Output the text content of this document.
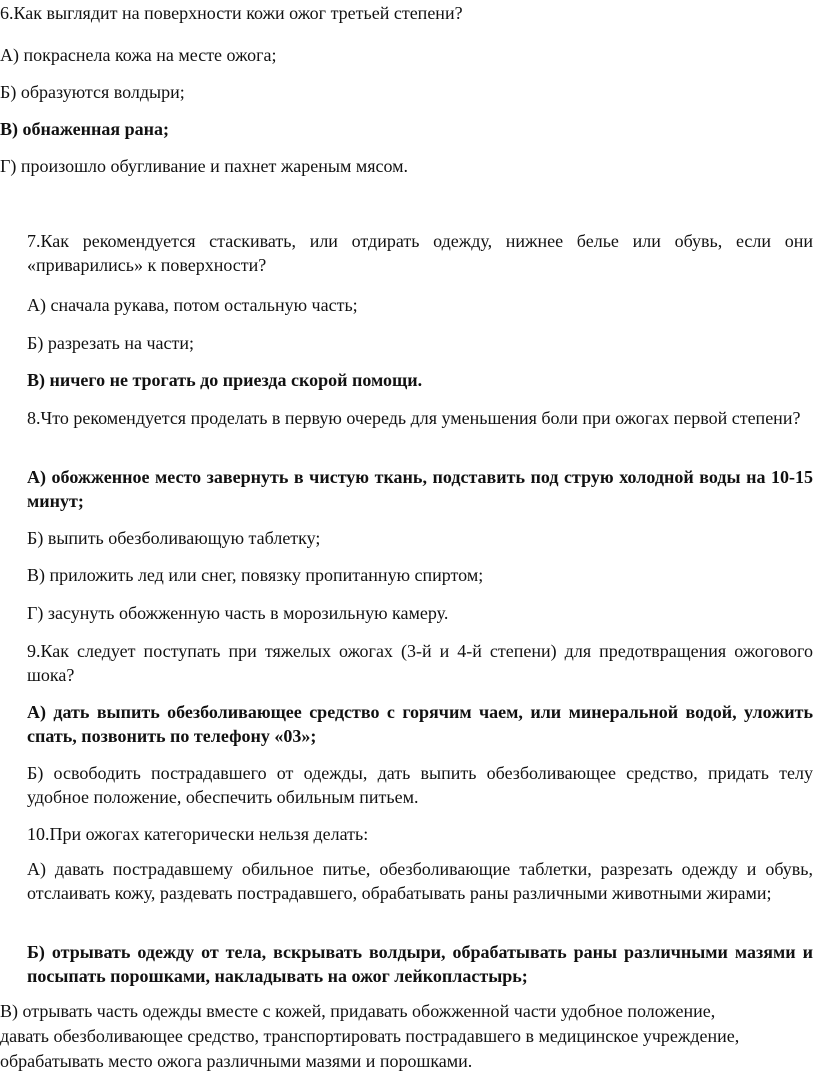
6.Как выглядит на поверхности кожи ожог третьей степени?
А) покраснела кожа на месте ожога;
Б) образуются волдыри;
В) обнаженная рана;
Г) произошло обугливание и пахнет жареным мясом.
7.Как рекомендуется стаскивать, или отдирать одежду, нижнее белье или обувь, если они «приварились» к поверхности?
А) сначала рукава, потом остальную часть;
Б) разрезать на части;
В) ничего не трогать до приезда скорой помощи.
8.Что рекомендуется проделать в первую очередь для уменьшения боли при ожогах первой степени?
А) обожженное место завернуть в чистую ткань, подставить под струю холодной воды на 10-15 минут;
Б) выпить обезболивающую таблетку;
В) приложить лед или снег, повязку пропитанную спиртом;
Г) засунуть обожженную часть в морозильную камеру.
9.Как следует поступать при тяжелых ожогах (3-й и 4-й степени) для предотвращения ожогового шока?
А) дать выпить обезболивающее средство с горячим чаем, или минеральной водой, уложить спать, позвонить по телефону «03»;
Б) освободить пострадавшего от одежды, дать выпить обезболивающее средство, придать телу удобное положение, обеспечить обильным питьем.
10.При ожогах категорически нельзя делать:
А) давать пострадавшему обильное питье, обезболивающие таблетки, разрезать одежду и обувь, отслаивать кожу, раздевать пострадавшего, обрабатывать раны различными животными жирами;
Б) отрывать одежду от тела, вскрывать волдыри, обрабатывать раны различными мазями и посыпать порошками, накладывать на ожог лейкопластырь;
В) отрывать часть одежды вместе с кожей, придавать обожженной части удобное положение,
давать обезболивающее средство, транспортировать пострадавшего в медицинское учреждение,
обрабатывать место ожога различными мазями и порошками.
